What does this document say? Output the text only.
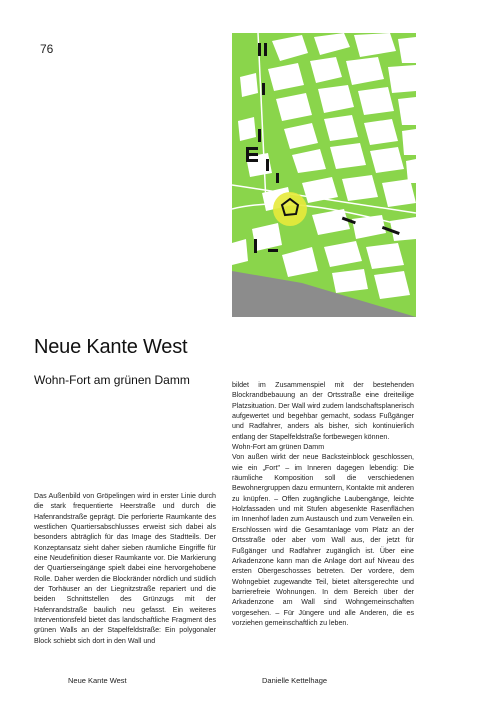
76
Neue Kante West
Wohn-Fort am grünen Damm

Das Außenbild von Gröpelingen wird in erster Linie durch die stark frequentierte Heerstraße und durch die Hafenrandstraße geprägt. Die perforierte Raumkante des westlichen Quartiersabschlusses erweist sich dabei als besonders abträglich für das Image des Stadtteils. Der Konzeptansatz sieht daher sieben räumliche Eingriffe für eine Neudefinition dieser Raumkante vor. Die Markierung der Quartierseingänge spielt dabei eine hervorgehobene Rolle. Daher werden die Blockränder nördlich und südlich der Torhäuser an der Liegnitzstraße repariert und die beiden Schnittstellen des Grünzugs mit der Hafenrandstraße baulich neu gefasst. Ein weiteres Interventionsfeld bietet das landschaftliche Fragment des grünen Walls an der Stapelfeldstraße: Ein polygonaler Block schiebt sich dort in den Wall und

bildet im Zusammenspiel mit der bestehenden Blockrandbebauung an der Ortsstraße eine dreiteilige Platzsituation. Der Wall wird zudem landschaftsplanerisch aufgewertet und begehbar gemacht, sodass Fußgänger und Radfahrer, anders als bisher, sich kontinuierlich entlang der Stapelfeldstraße fortbewegen können.

Wohn-Fort am grünen Damm

Von außen wirkt der neue Backsteinblock geschlossen, wie ein „Fort" – im Inneren dagegen lebendig: Die räumliche Komposition soll die verschiedenen Bewohnergruppen dazu ermuntern, Kontakte mit anderen zu knüpfen. – Offen zugängliche Laubengänge, leichte Holzfassaden und mit Stufen abgesenkte Rasenflächen im Innenhof laden zum Austausch und zum Verweilen ein. Erschlossen wird die Gesamtanlage vom Platz an der Ortsstraße oder aber vom Wall aus, der jetzt für Fußgänger und Radfahrer zugänglich ist. Über eine Arkadenzone kann man die Anlage dort auf Niveau des ersten Obergeschosses betreten. Der vordere, dem Wohngebiet zugewandte Teil, bietet altersgerechte und barrierefreie Wohnungen. In dem Bereich über der Arkadenzone am Wall sind Wohngemeinschaften vorgesehen. – Für Jüngere und alle Anderen, die es vorziehen gemeinschaftlich zu leben.

Neue Kante West	Danielle Kettelhage
